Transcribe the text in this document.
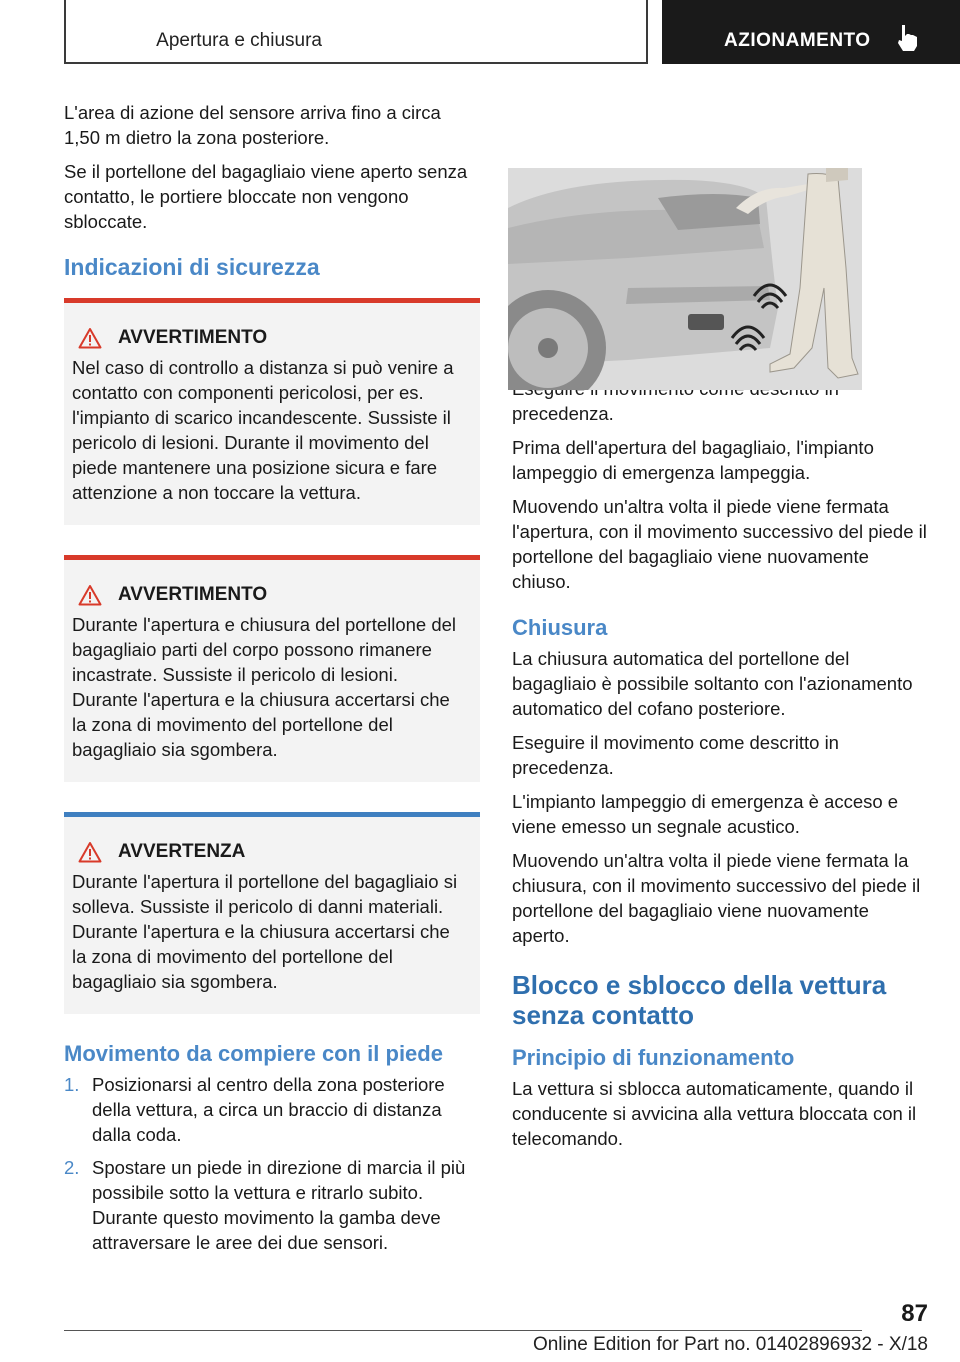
Apertura e chiusura	AZIONAMENTO

L'area di azione del sensore arriva fino a circa 1,50 m dietro la zona posteriore.

Se il portellone del bagagliaio viene aperto senza contatto, le portiere bloccate non vengono sbloccate.

Indicazioni di sicurezza
AVVERTIMENTO
Nel caso di controllo a distanza si può venire a contatto con componenti pericolosi, per es. l'impianto di scarico incandescente. Sussiste il pericolo di lesioni. Durante il movimento del piede mantenere una posizione sicura e fare attenzione a non toccare la vettura.
AVVERTIMENTO
Durante l'apertura e chiusura del portellone del bagagliaio parti del corpo possono rimanere incastrate. Sussiste il pericolo di lesioni. Durante l'apertura e la chiusura accertarsi che la zona di movimento del portellone del bagagliaio sia sgombera.
AVVERTENZA
Durante l'apertura il portellone del bagagliaio si solleva. Sussiste il pericolo di danni materiali. Durante l'apertura e la chiusura accertarsi che la zona di movimento del portellone del bagagliaio sia sgombera.
Movimento da compiere con il piede
1. Posizionarsi al centro della zona posteriore della vettura, a circa un braccio di distanza dalla coda.
2. Spostare un piede in direzione di marcia il più possibile sotto la vettura e ritrarlo subito. Durante questo movimento la gamba deve attraversare le aree dei due sensori.

precedenza.

Prima dell'apertura del bagagliaio, l'impianto lampeggio di emergenza lampeggia.

Muovendo un'altra volta il piede viene fermata l'apertura, con il movimento successivo del piede il portellone del bagagliaio viene nuovamente chiuso.

Chiusura

La chiusura automatica del portellone del bagagliaio è possibile soltanto con l'azionamento automatico del cofano posteriore.

Eseguire il movimento come descritto in precedenza.

L'impianto lampeggio di emergenza è acceso e viene emesso un segnale acustico.

Muovendo un'altra volta il piede viene fermata la chiusura, con il movimento successivo del piede il portellone del bagagliaio viene nuovamente aperto.

Blocco e sblocco della vettura senza contatto
Principio di funzionamento

La vettura si sblocca automaticamente, quando il conducente si avvicina alla vettura bloccata con il telecomando.

87
Online Edition for Part no. 01402896932 - X/18
